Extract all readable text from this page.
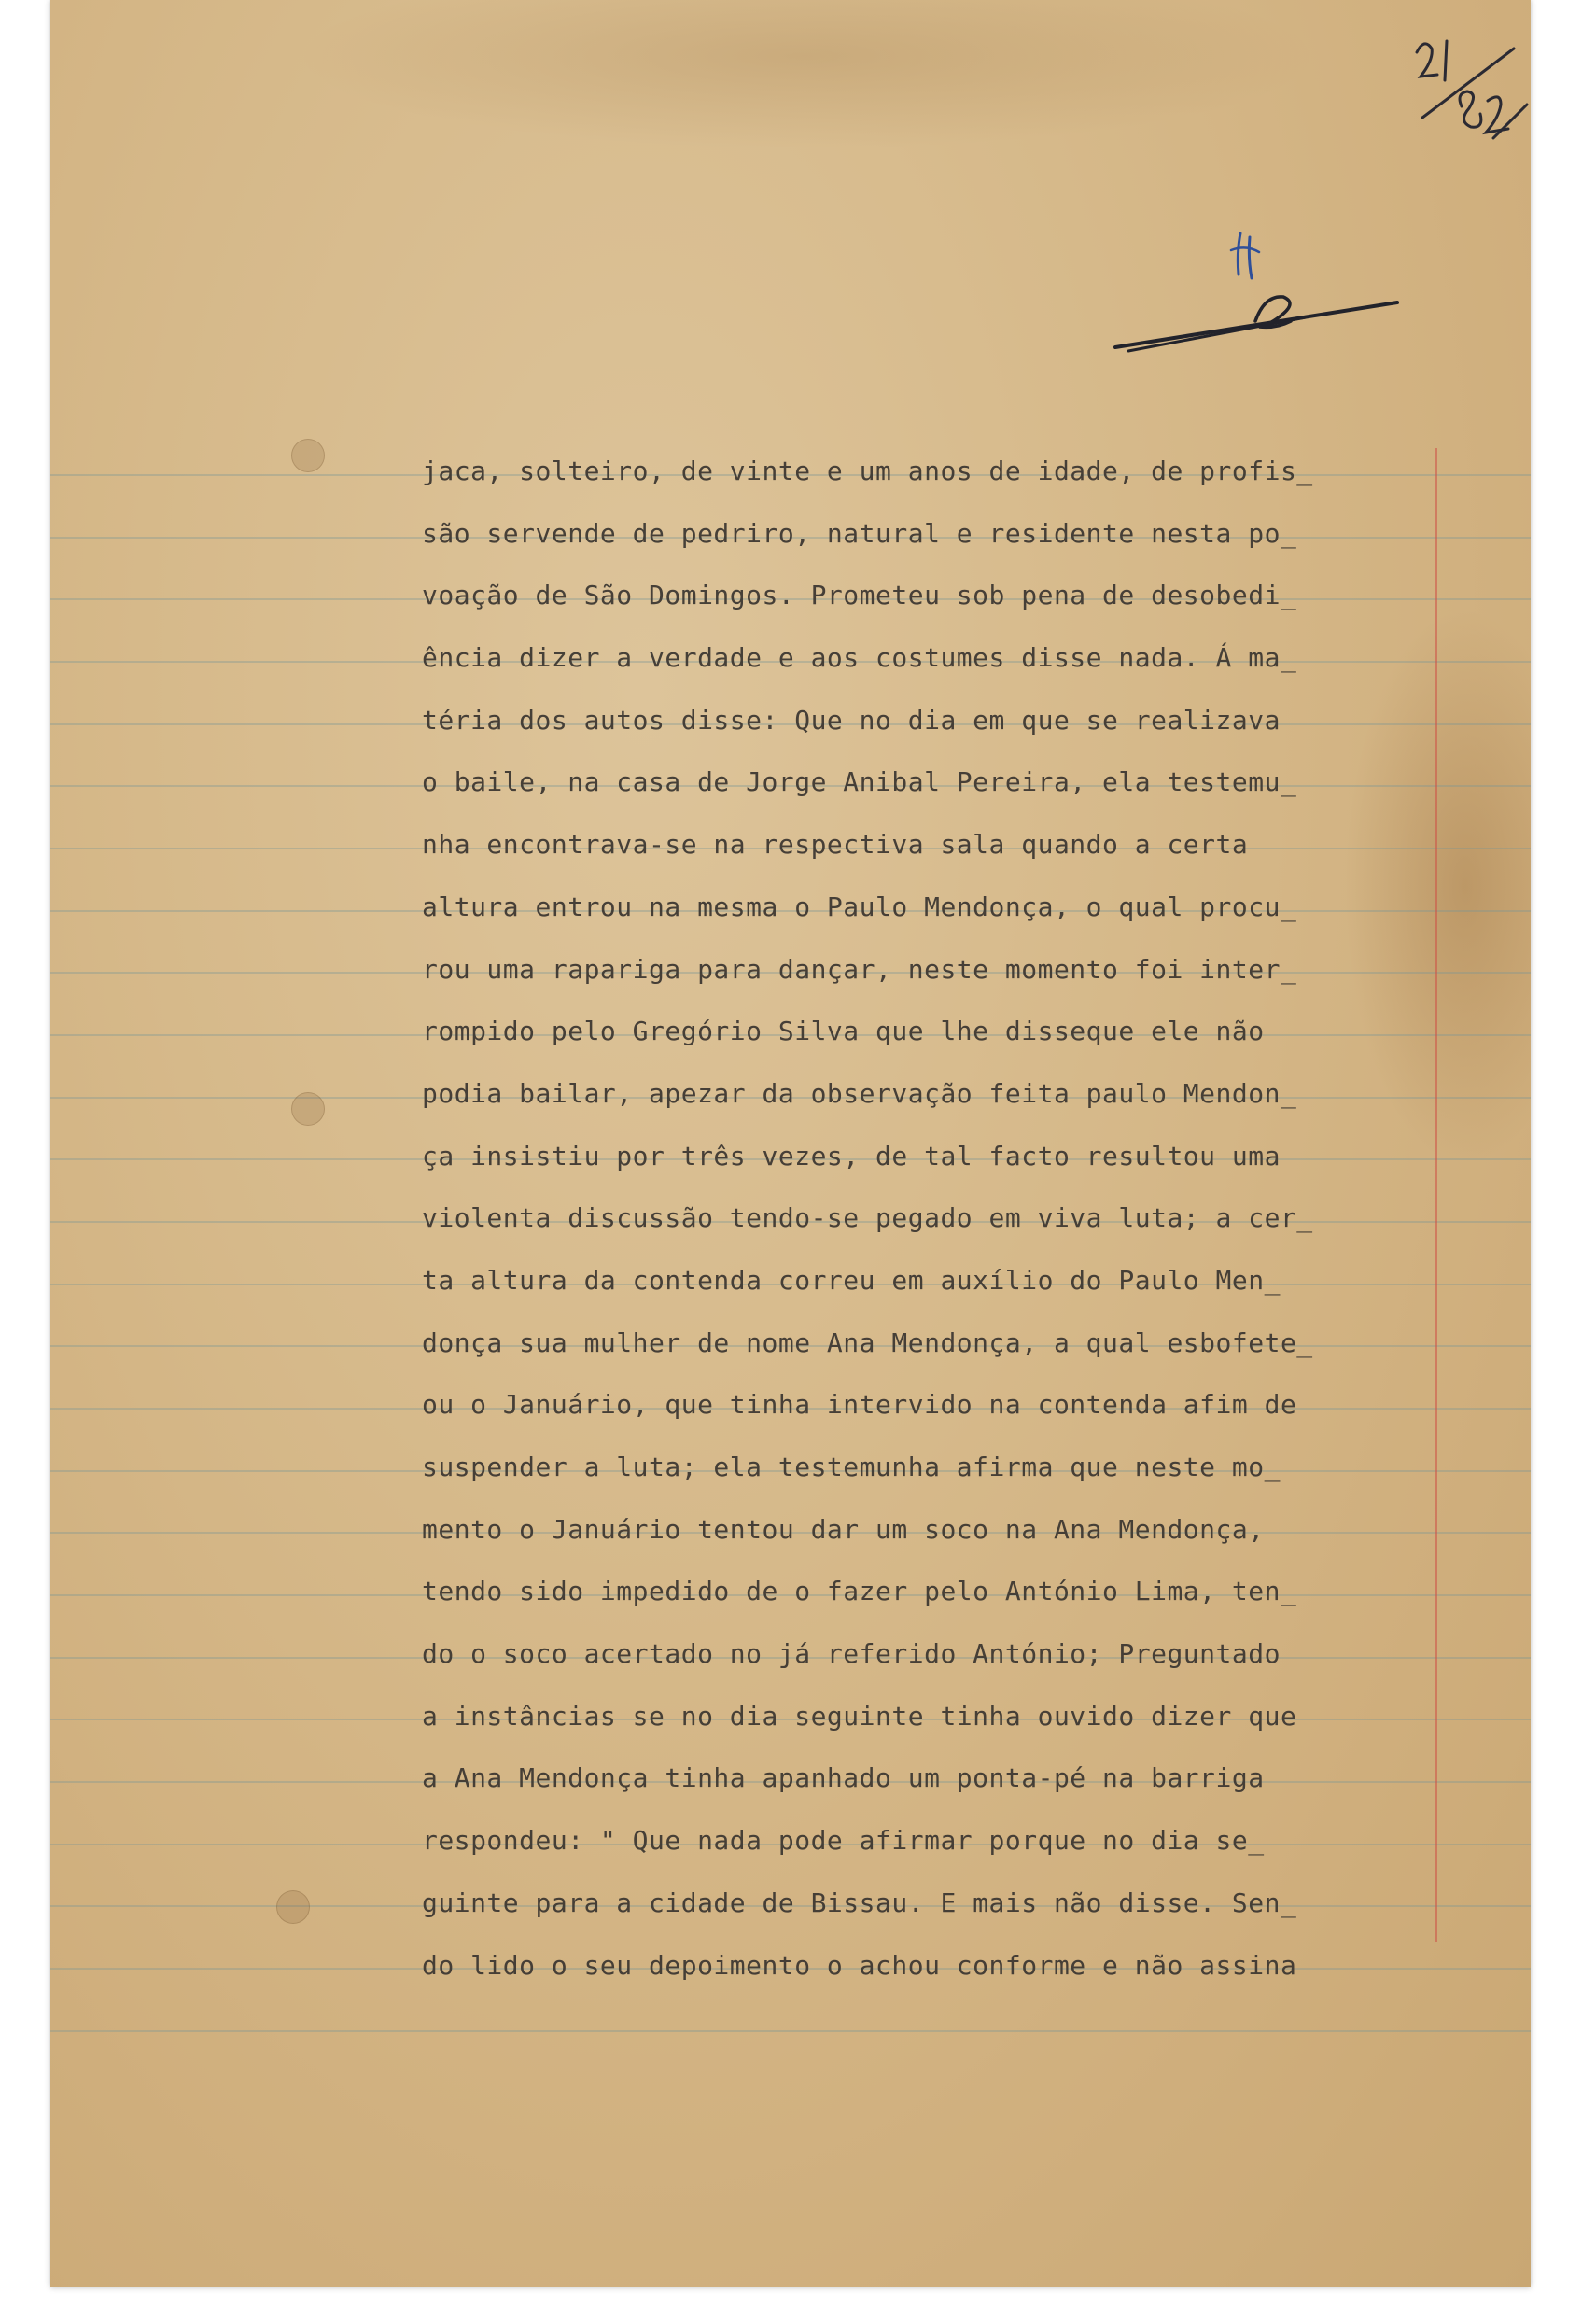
jaca, solteiro, de vinte e um anos de idade, de profis_
são servende de pedriro, natural e residente nesta po_
voação de São Domingos. Prometeu sob pena de desobedi_
ência dizer a verdade e aos costumes disse nada. Á ma_
téria dos autos disse: Que no dia em que se realizava
o baile, na casa de Jorge Anibal Pereira, ela testemu_
nha encontrava-se na respectiva sala quando a certa
altura entrou na mesma o Paulo Mendonça, o qual procu_
rou uma rapariga para dançar, neste momento foi inter_
rompido pelo Gregório Silva que lhe disseque ele não
podia bailar, apezar da observação feita paulo Mendon_
ça insistiu por três vezes, de tal facto resultou uma
violenta discussão tendo-se pegado em viva luta; a cer_
ta altura da contenda correu em auxílio do Paulo Men_
donça sua mulher de nome Ana Mendonça, a qual esbofete_
ou o Januário, que tinha intervido na contenda afim de
suspender a luta; ela testemunha afirma que neste mo_
mento o Januário tentou dar um soco na Ana Mendonça,
tendo sido impedido de o fazer pelo António Lima, ten_
do o soco acertado no já referido António; Preguntado
a instâncias se no dia seguinte tinha ouvido dizer que
a Ana Mendonça tinha apanhado um ponta-pé na barriga
respondeu: " Que nada pode afirmar porque no dia se_
guinte para a cidade de Bissau. E mais não disse. Sen_
do lido o seu depoimento o achou conforme e não assina
